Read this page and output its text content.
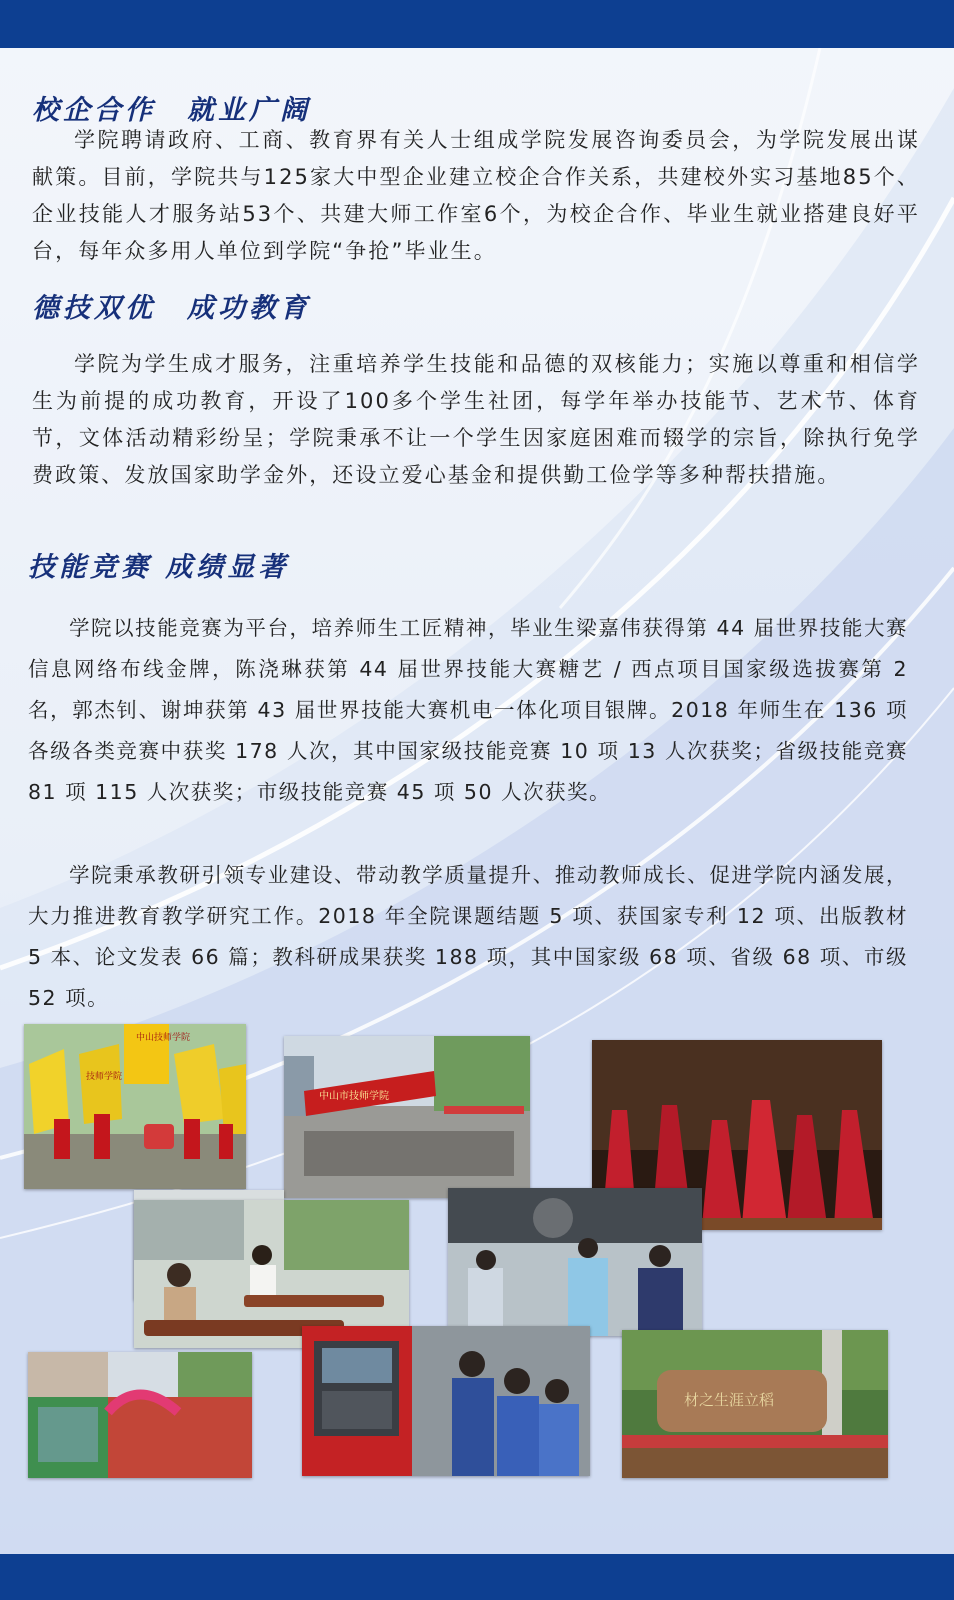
校企合作　就业广阔

学院聘请政府、工商、教育界有关人士组成学院发展咨询委员会，为学院发展出谋献策。目前，学院共与125家大中型企业建立校企合作关系，共建校外实习基地85个、企业技能人才服务站53个、共建大师工作室6个，为校企合作、毕业生就业搭建良好平台，每年众多用人单位到学院“争抢”毕业生。

德技双优　成功教育

学院为学生成才服务，注重培养学生技能和品德的双核能力；实施以尊重和相信学生为前提的成功教育，开设了100多个学生社团，每学年举办技能节、艺术节、体育节，文体活动精彩纷呈；学院秉承不让一个学生因家庭困难而辍学的宗旨，除执行免学费政策、发放国家助学金外，还设立爱心基金和提供勤工俭学等多种帮扶措施。

技能竞赛 成绩显著

学院以技能竞赛为平台，培养师生工匠精神，毕业生梁嘉伟获得第 44 届世界技能大赛信息网络布线金牌，陈浇琳获第 44 届世界技能大赛糖艺 / 西点项目国家级选拔赛第 2 名，郭杰钊、谢坤获第 43 届世界技能大赛机电一体化项目银牌。2018 年师生在 136 项各级各类竞赛中获奖 178 人次，其中国家级技能竞赛 10 项 13 人次获奖；省级技能竞赛 81 项 115 人次获奖；市级技能竞赛 45 项 50 人次获奖。

学院秉承教研引领专业建设、带动教学质量提升、推动教师成长、促进学院内涵发展，大力推进教育教学研究工作。2018 年全院课题结题 5 项、获国家专利 12 项、出版教材 5 本、论文发表 66 篇；教科研成果获奖 188 项，其中国家级 68 项、省级 68 项、市级 52 项。

中山技师学院
技师学院
中山市技师学院
材之生涯立稻
